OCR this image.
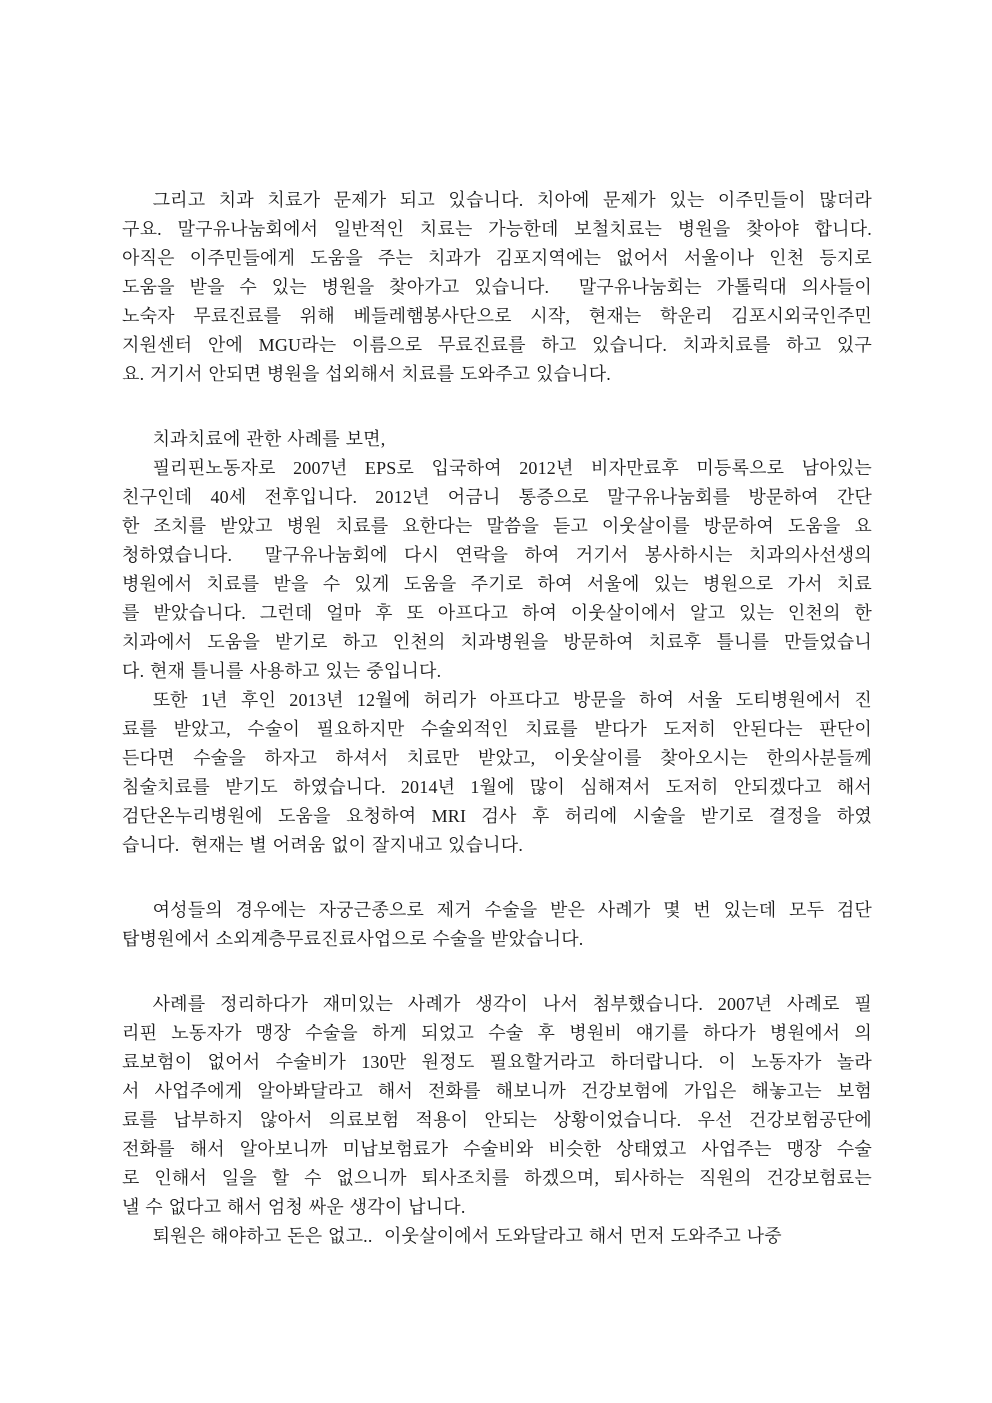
그리고 치과 치료가 문제가 되고 있습니다. 치아에 문제가 있는 이주민들이 많더라
구요. 말구유나눔회에서 일반적인 치료는 가능한데 보철치료는 병원을 찾아야 합니다.
아직은 이주민들에게 도움을 주는 치과가 김포지역에는 없어서 서울이나 인천 등지로
도움을 받을 수 있는 병원을 찾아가고 있습니다.  말구유나눔회는 가톨릭대 의사들이
노숙자 무료진료를 위해 베들레햄봉사단으로 시작, 현재는 학운리 김포시외국인주민
지원센터 안에 MGU라는 이름으로 무료진료를 하고 있습니다. 치과치료를 하고 있구
요. 거기서 안되면 병원을 섭외해서 치료를 도와주고 있습니다.
치과치료에 관한 사례를 보면,
필리핀노동자로 2007년 EPS로 입국하여 2012년 비자만료후 미등록으로 남아있는
친구인데 40세 전후입니다. 2012년 어금니 통증으로 말구유나눔회를 방문하여 간단
한 조치를 받았고 병원 치료를 요한다는 말씀을 듣고 이웃살이를 방문하여 도움을 요
청하였습니다.  말구유나눔회에 다시 연락을 하여 거기서 봉사하시는 치과의사선생의
병원에서 치료를 받을 수 있게 도움을 주기로 하여 서울에 있는 병원으로 가서 치료
를 받았습니다. 그런데 얼마 후 또 아프다고 하여 이웃살이에서 알고 있는 인천의 한
치과에서 도움을 받기로 하고 인천의 치과병원을 방문하여 치료후 틀니를 만들었습니
다. 현재 틀니를 사용하고 있는 중입니다.
또한 1년 후인 2013년 12월에 허리가 아프다고 방문을 하여 서울 도티병원에서 진
료를 받았고, 수술이 필요하지만 수술외적인 치료를 받다가 도저히 안된다는 판단이
든다면 수술을 하자고 하셔서 치료만 받았고, 이웃살이를 찾아오시는 한의사분들께
침술치료를 받기도 하였습니다. 2014년 1월에 많이 심해져서 도저히 안되겠다고 해서
검단온누리병원에 도움을 요청하여 MRI 검사 후 허리에 시술을 받기로 결정을 하였
습니다.  현재는 별 어려움 없이 잘지내고 있습니다.
여성들의 경우에는 자궁근종으로 제거 수술을 받은 사례가 몇 번 있는데 모두 검단
탑병원에서 소외계층무료진료사업으로 수술을 받았습니다.
사례를 정리하다가 재미있는 사례가 생각이 나서 첨부했습니다. 2007년 사례로 필
리핀 노동자가 맹장 수술을 하게 되었고 수술 후 병원비 얘기를 하다가 병원에서 의
료보험이 없어서 수술비가 130만 원정도 필요할거라고 하더랍니다. 이 노동자가 놀라
서 사업주에게 알아봐달라고 해서 전화를 해보니까 건강보험에 가입은 해놓고는 보험
료를 납부하지 않아서 의료보험 적용이 안되는 상황이었습니다. 우선 건강보험공단에
전화를 해서 알아보니까 미납보험료가 수술비와 비슷한 상태였고 사업주는 맹장 수술
로 인해서 일을 할 수 없으니까 퇴사조치를 하겠으며, 퇴사하는 직원의 건강보험료는
낼 수 없다고 해서 엄청 싸운 생각이 납니다.
퇴원은 해야하고 돈은 없고..  이웃살이에서 도와달라고 해서 먼저 도와주고 나중
